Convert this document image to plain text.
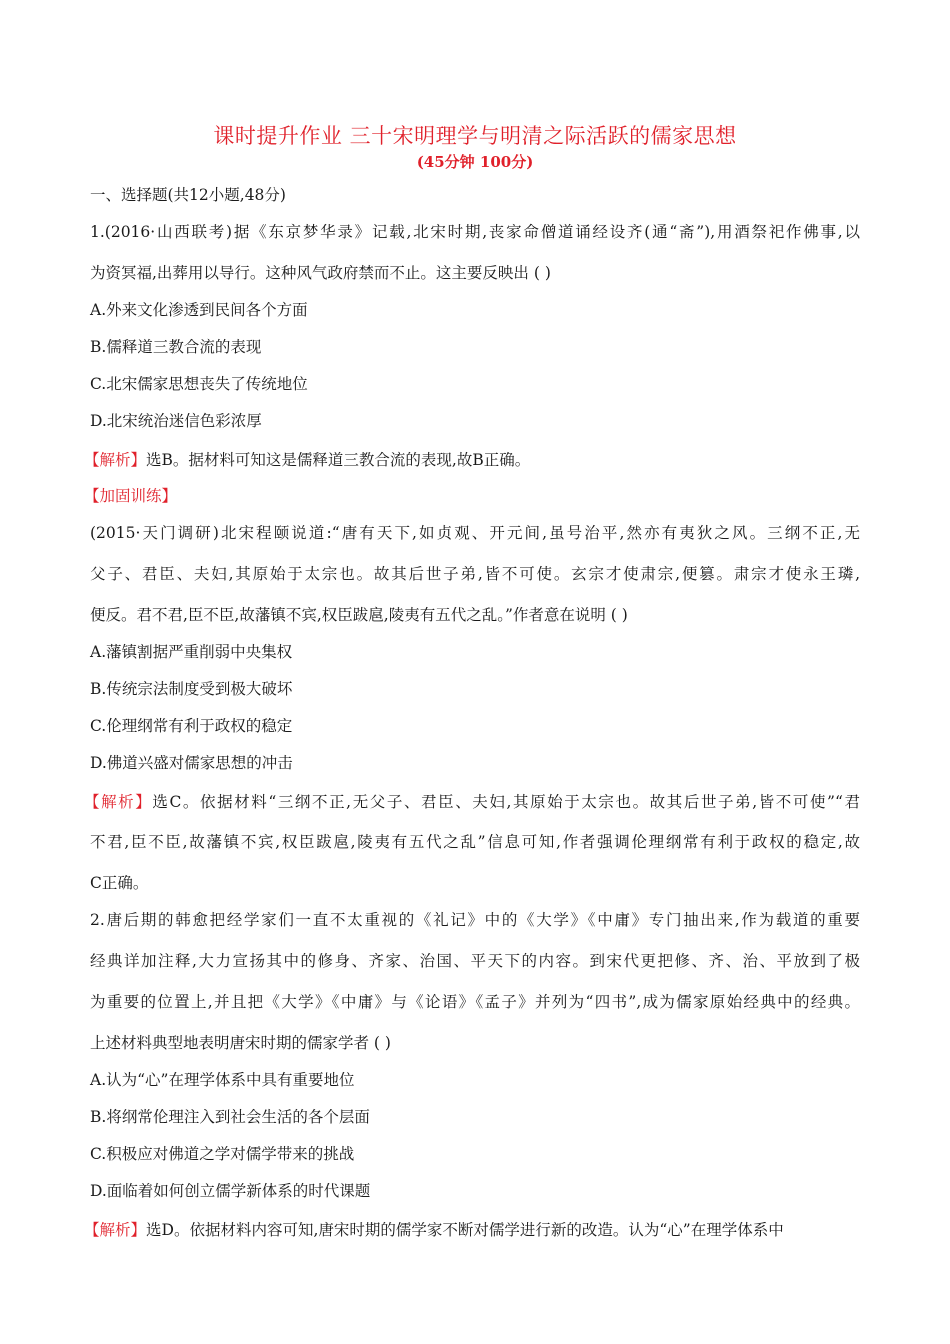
课时提升作业 三十宋明理学与明清之际活跃的儒家思想
(45分钟 100分)
一、选择题(共12小题,48分)
1.(2016·山西联考)据《东京梦华录》记载,北宋时期,丧家命僧道诵经设齐(通“斋”),用酒祭祀作佛事,以
为资冥福,出葬用以导行。这种风气政府禁而不止。这主要反映出 ( )
A.外来文化渗透到民间各个方面
B.儒释道三教合流的表现
C.北宋儒家思想丧失了传统地位
D.北宋统治迷信色彩浓厚
【解析】选B。据材料可知这是儒释道三教合流的表现,故B正确。
【加固训练】
(2015·天门调研)北宋程颐说道:“唐有天下,如贞观、开元间,虽号治平,然亦有夷狄之风。三纲不正,无
父子、君臣、夫妇,其原始于太宗也。故其后世子弟,皆不可使。玄宗才使肃宗,便篡。肃宗才使永王璘,
便反。君不君,臣不臣,故藩镇不宾,权臣跋扈,陵夷有五代之乱。”作者意在说明 ( )
A.藩镇割据严重削弱中央集权
B.传统宗法制度受到极大破坏
C.伦理纲常有利于政权的稳定
D.佛道兴盛对儒家思想的冲击
【解析】选C。依据材料“三纲不正,无父子、君臣、夫妇,其原始于太宗也。故其后世子弟,皆不可使”“君
不君,臣不臣,故藩镇不宾,权臣跋扈,陵夷有五代之乱”信息可知,作者强调伦理纲常有利于政权的稳定,故
C正确。
2.唐后期的韩愈把经学家们一直不太重视的《礼记》中的《大学》《中庸》专门抽出来,作为载道的重要
经典详加注释,大力宣扬其中的修身、齐家、治国、平天下的内容。到宋代更把修、齐、治、平放到了极
为重要的位置上,并且把《大学》《中庸》与《论语》《孟子》并列为“四书”,成为儒家原始经典中的经典。
上述材料典型地表明唐宋时期的儒家学者 ( )
A.认为“心”在理学体系中具有重要地位
B.将纲常伦理注入到社会生活的各个层面
C.积极应对佛道之学对儒学带来的挑战
D.面临着如何创立儒学新体系的时代课题
【解析】选D。依据材料内容可知,唐宋时期的儒学家不断对儒学进行新的改造。认为“心”在理学体系中
